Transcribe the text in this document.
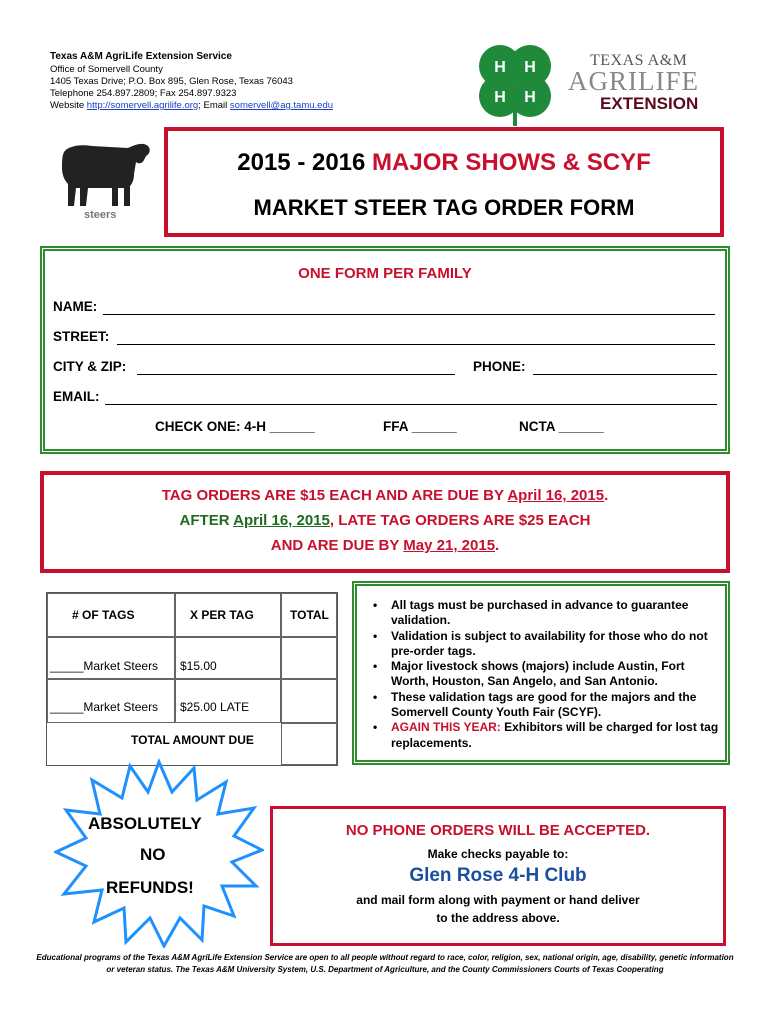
Texas A&M AgriLife Extension Service
Office of Somervell County
1405 Texas Drive; P.O. Box 895, Glen Rose, Texas 76043
Telephone 254.897.2809; Fax 254.897.9323
Website http://somervell.agrilife.org; Email somervell@ag.tamu.edu
H H
H H
TEXAS A&M
AGRILIFE
EXTENSION
steers
2015 - 2016 MAJOR SHOWS & SCYF
MARKET STEER TAG ORDER FORM
ONE FORM PER FAMILY
NAME:
STREET:
CITY & ZIP:	PHONE:
EMAIL:
CHECK ONE: 4-H ______	FFA ______	NCTA ______
TAG ORDERS ARE $15 EACH AND ARE DUE BY April 16, 2015.
AFTER April 16, 2015, LATE TAG ORDERS ARE $25 EACH
AND ARE DUE BY May 21, 2015.
# OF TAGS	X PER TAG	TOTAL
_____Market Steers $15.00
_____Market Steers $25.00 LATE
TOTAL AMOUNT DUE
• All tags must be purchased in advance to guarantee validation.
• Validation is subject to availability for those who do not pre-order tags.
• Major livestock shows (majors) include Austin, Fort Worth, Houston, San Angelo, and San Antonio.
• These validation tags are good for the majors and the Somervell County Youth Fair (SCYF).
• AGAIN THIS YEAR: Exhibitors will be charged for lost tag replacements.
ABSOLUTELY
NO
REFUNDS!
NO PHONE ORDERS WILL BE ACCEPTED.
Make checks payable to:
Glen Rose 4-H Club
and mail form along with payment or hand deliver
to the address above.
Educational programs of the Texas A&M AgriLife Extension Service are open to all people without regard to race, color, religion, sex, national origin, age, disability, genetic information
or veteran status. The Texas A&M University System, U.S. Department of Agriculture, and the County Commissioners Courts of Texas Cooperating
